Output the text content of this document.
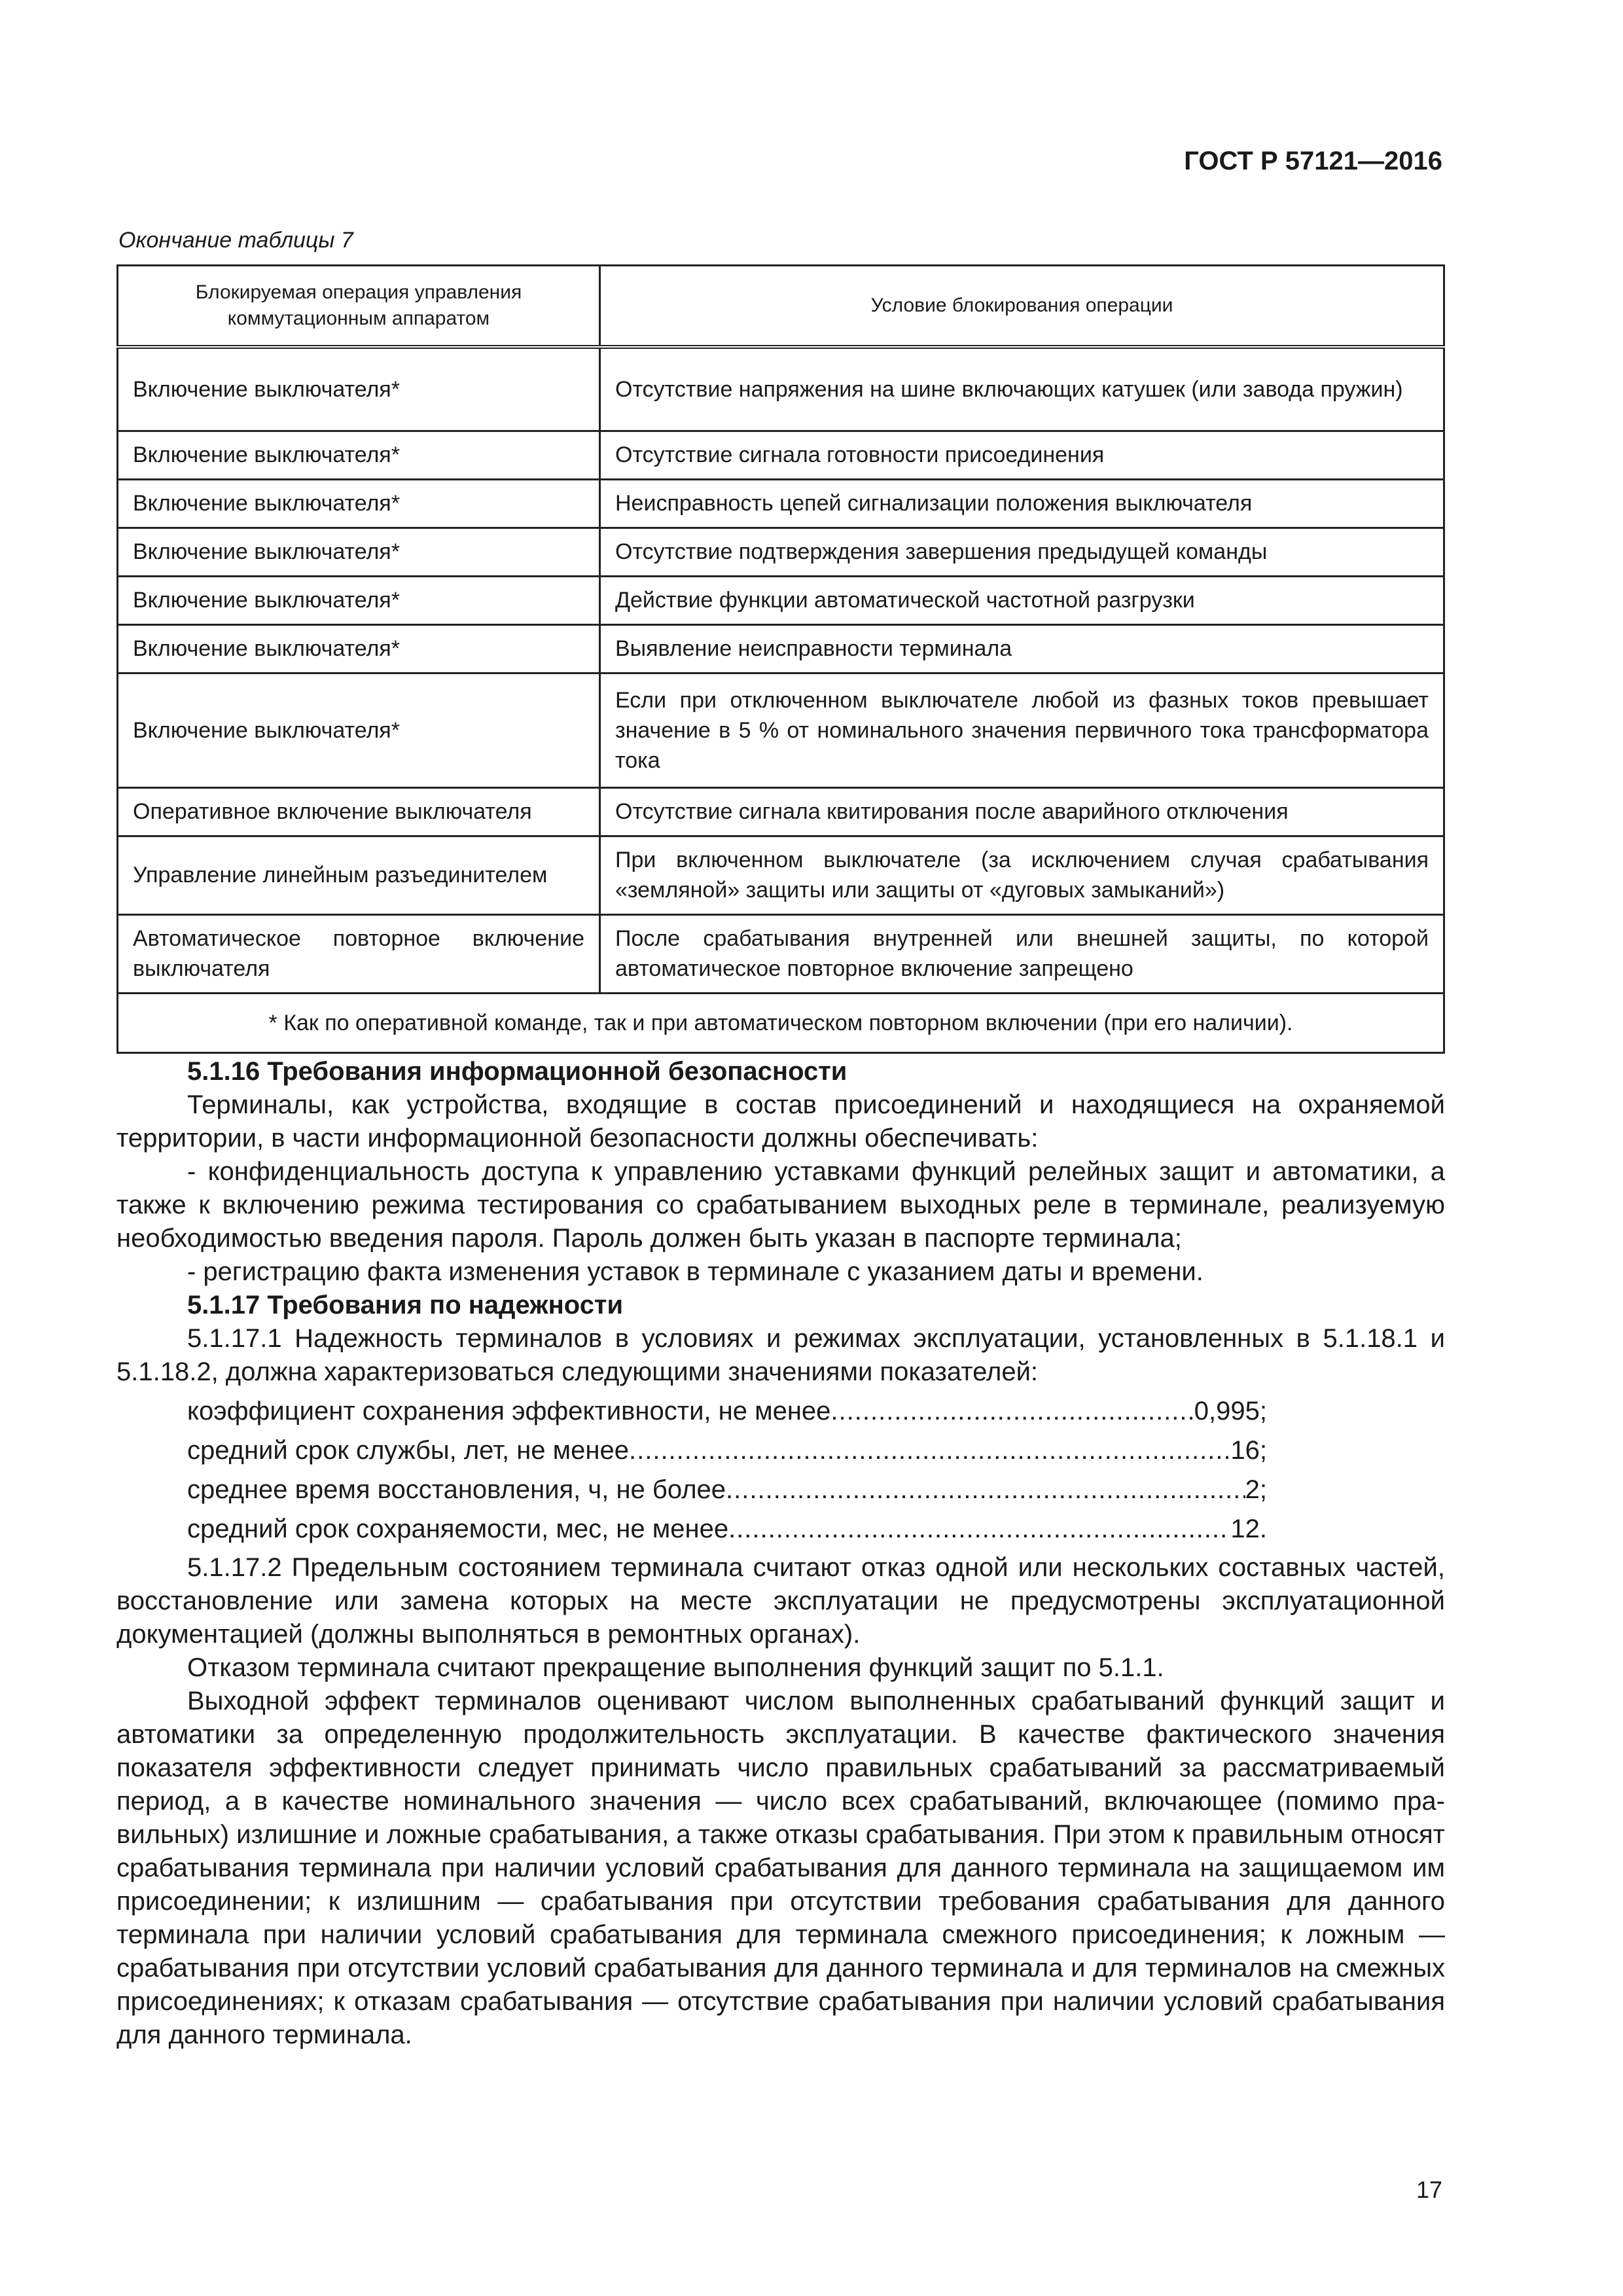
ГОСТ Р 57121—2016
Окончание таблицы 7
Блокируемая операция управления коммутационным аппаратом	Условие блокирования операции
Включение выключателя*	Отсутствие напряжения на шине включающих катушек (или завода пружин)
Включение выключателя*	Отсутствие сигнала готовности присоединения
Включение выключателя*	Неисправность цепей сигнализации положения выключателя
Включение выключателя*	Отсутствие подтверждения завершения предыдущей команды
Включение выключателя*	Действие функции автоматической частотной разгрузки
Включение выключателя*	Выявление неисправности терминала
Включение выключателя*	Если при отключенном выключателе любой из фазных токов превышает значение в 5 % от номинального значения первичного тока трансформатора тока
Оперативное включение выключателя	Отсутствие сигнала квитирования после аварийного отключения
Управление линейным разъединителем	При включенном выключателе (за исключением случая срабатывания «земляной» защиты или защиты от «дуговых замыканий»)
Автоматическое повторное включение выключателя	После срабатывания внутренней или внешней защиты, по которой автоматическое повторное включение запрещено
* Как по оперативной команде, так и при автоматическом повторном включении (при его наличии).	

5.1.16 Требования информационной безопасности

Терминалы, как устройства, входящие в состав присоединений и находящиеся на охраняемой территории, в части информационной безопасности должны обеспечивать:

- конфиденциальность доступа к управлению уставками функций релейных защит и автоматики, а также к включению режима тестирования со срабатыванием выходных реле в терминале, реализуемую необходимостью введения пароля. Пароль должен быть указан в паспорте терминала;

- регистрацию факта изменения уставок в терминале с указанием даты и времени.

5.1.17 Требования по надежности

5.1.17.1 Надежность терминалов в условиях и режимах эксплуатации, установленных в 5.1.18.1 и 5.1.18.2, должна характеризоваться следующими значениями показателей:

коэффициент сохранения эффективности, не менее .....	0,995;
средний срок службы, лет, не менее .....	16;
среднее время восстановления, ч, не более .....	2;
средний срок сохраняемости, мес, не менее .....	12.

5.1.17.2 Предельным состоянием терминала считают отказ одной или нескольких составных частей, восстановление или замена которых на месте эксплуатации не предусмотрены эксплуатационной документацией (должны выполняться в ремонтных органах).

Отказом терминала считают прекращение выполнения функций защит по 5.1.1.

Выходной эффект терминалов оценивают числом выполненных срабатываний функций защит и автоматики за определенную продолжительность эксплуатации. В качестве фактического значения показателя эффективности следует принимать число правильных срабатываний за рассматриваемый период, а в качестве номинального значения — число всех срабатываний, включающее (помимо правильных) излишние и ложные срабатывания, а также отказы срабатывания. При этом к правильным относят срабатывания терминала при наличии условий срабатывания для данного терминала на защищаемом им присоединении; к излишним — срабатывания при отсутствии требования срабатывания для данного терминала при наличии условий срабатывания для терминала смежного присоединения; к ложным — срабатывания при отсутствии условий срабатывания для данного терминала и для терминалов на смежных присоединениях; к отказам срабатывания — отсутствие срабатывания при наличии условий срабатывания для данного терминала.

17
